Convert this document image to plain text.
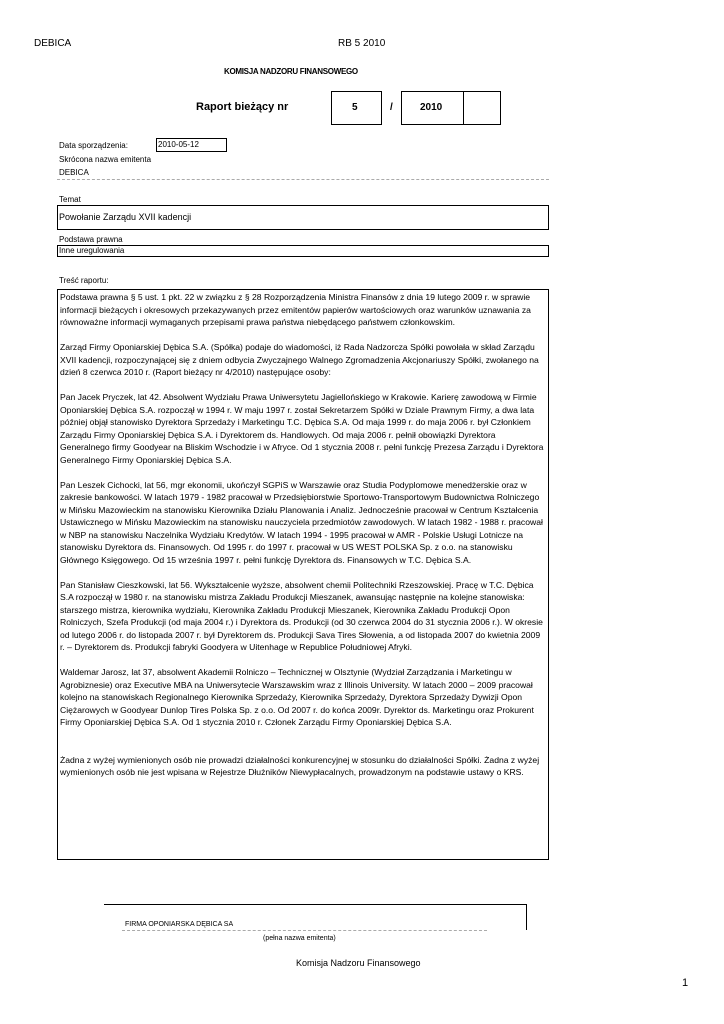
DEBICA	RB 5 2010
KOMISJA NADZORU FINANSOWEGO
Raport bieżący nr	5	/	2010
Data sporządzenia:	2010-05-12
Skrócona nazwa emitenta
DEBICA
Temat
Powołanie Zarządu XVII kadencji
Podstawa prawna
Inne uregulowania
Treść raportu:

Podstawa prawna § 5 ust. 1 pkt. 22 w związku z § 28 Rozporządzenia Ministra Finansów z dnia 19 lutego 2009 r. w sprawie informacji bieżących i okresowych przekazywanych przez emitentów papierów wartościowych oraz warunków uznawania za równoważne informacji wymaganych przepisami prawa państwa niebędącego państwem członkowskim.

Zarząd Firmy Oponiarskiej Dębica S.A. (Spółka) podaje do wiadomości, iż Rada Nadzorcza Spółki powołała w skład Zarządu XVII kadencji, rozpoczynającej się z dniem odbycia Zwyczajnego Walnego Zgromadzenia Akcjonariuszy Spółki, zwołanego na dzień 8 czerwca 2010 r. (Raport bieżący nr 4/2010) następujące osoby:

Pan Jacek Pryczek, lat 42. Absolwent Wydziału Prawa Uniwersytetu Jagiellońskiego w Krakowie. Karierę zawodową w Firmie Oponiarskiej Dębica S.A. rozpoczął w 1994 r. W maju 1997 r. został Sekretarzem Spółki w Dziale Prawnym Firmy, a dwa lata później objął stanowisko Dyrektora Sprzedaży i Marketingu T.C. Dębica S.A. Od maja 1999 r. do maja 2006 r. był Członkiem Zarządu Firmy Oponiarskiej Dębica S.A. i Dyrektorem ds. Handlowych. Od maja 2006 r. pełnił obowiązki Dyrektora Generalnego firmy Goodyear na Bliskim Wschodzie i w Afryce. Od 1 stycznia 2008 r. pełni funkcję Prezesa Zarządu i Dyrektora Generalnego Firmy Oponiarskiej Dębica S.A.

Pan Leszek Cichocki, lat 56, mgr ekonomii, ukończył SGPiS w Warszawie oraz Studia Podyplomowe menedżerskie oraz w zakresie bankowości. W latach 1979 - 1982 pracował w Przedsiębiorstwie Sportowo-Transportowym Budownictwa Rolniczego w Mińsku Mazowieckim na stanowisku Kierownika Działu Planowania i Analiz. Jednocześnie pracował w Centrum Kształcenia Ustawicznego w Mińsku Mazowieckim na stanowisku nauczyciela przedmiotów zawodowych. W latach 1982 - 1988 r. pracował w NBP na stanowisku Naczelnika Wydziału Kredytów. W latach 1994 - 1995 pracował w AMR - Polskie Usługi Lotnicze na stanowisku Dyrektora ds. Finansowych. Od 1995 r. do 1997 r. pracował w US WEST POLSKA Sp. z o.o. na stanowisku Głównego Księgowego. Od 15 września 1997 r. pełni funkcję Dyrektora ds. Finansowych w T.C. Dębica S.A.

Pan Stanisław Cieszkowski, lat 56. Wykształcenie wyższe, absolwent chemii Politechniki Rzeszowskiej. Pracę w T.C. Dębica S.A rozpoczął w 1980 r. na stanowisku mistrza Zakładu Produkcji Mieszanek, awansując następnie na kolejne stanowiska: starszego mistrza, kierownika wydziału, Kierownika Zakładu Produkcji Mieszanek, Kierownika Zakładu Produkcji Opon Rolniczych, Szefa Produkcji (od maja 2004 r.) i Dyrektora ds. Produkcji (od 30 czerwca 2004 do 31 stycznia 2006 r.). W okresie od lutego 2006 r. do listopada 2007 r. był Dyrektorem ds. Produkcji Sava Tires Słowenia, a od listopada 2007 do kwietnia 2009 r. – Dyrektorem ds. Produkcji fabryki Goodyera w Uitenhage w Republice Południowej Afryki.

Waldemar Jarosz, lat 37, absolwent Akademii Rolniczo – Technicznej w Olsztynie (Wydział Zarządzania i Marketingu w Agrobiznesie) oraz Executive MBA na Uniwersytecie Warszawskim wraz z Illinois University. W latach 2000 – 2009 pracował kolejno na stanowiskach Regionalnego Kierownika Sprzedaży, Kierownika Sprzedaży, Dyrektora Sprzedaży Dywizji Opon Ciężarowych w Goodyear Dunlop Tires Polska Sp. z o.o. Od 2007 r. do końca 2009r. Dyrektor ds. Marketingu oraz Prokurent Firmy Oponiarskiej Dębica S.A. Od 1 stycznia 2010 r. Członek Zarządu Firmy Oponiarskiej Dębica S.A.

Żadna z wyżej wymienionych osób nie prowadzi działalności konkurencyjnej w stosunku do działalności Spółki. Żadna z wyżej wymienionych osób nie jest wpisana w Rejestrze Dłużników Niewypłacalnych, prowadzonym na podstawie ustawy o KRS.

FIRMA OPONIARSKA DĘBICA SA
(pełna nazwa emitenta)
Komisja Nadzoru Finansowego
1
